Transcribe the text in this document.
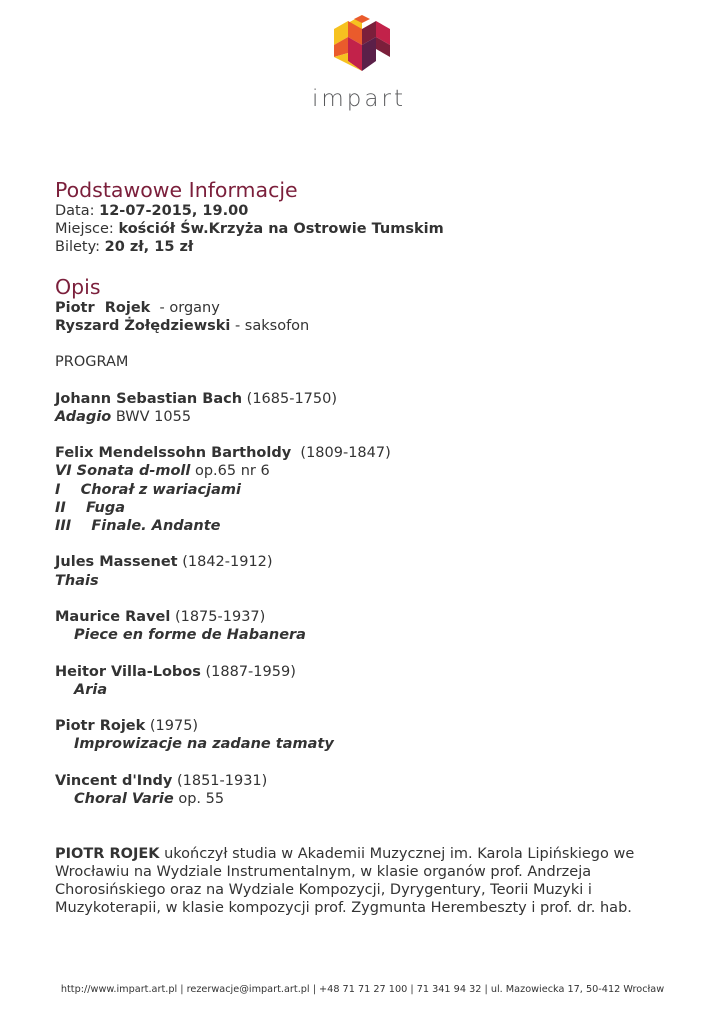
impart
Podstawowe Informacje
Data: 12-07-2015, 19.00
Miejsce: kościół Św.Krzyża na Ostrowie Tumskim
Bilety: 20 zł, 15 zł
Opis
Piotr  Rojek  - organy
Ryszard Żołędziewski - saksofon
PROGRAM
Johann Sebastian Bach (1685-1750)
Adagio BWV 1055
Felix Mendelssohn Bartholdy  (1809-1847)
VI Sonata d-moll op.65 nr 6
I    Chorał z wariacjami
II    Fuga
III    Finale. Andante
Jules Massenet (1842-1912)
Thais
Maurice Ravel (1875-1937)
Piece en forme de Habanera
Heitor Villa-Lobos (1887-1959)
Aria
Piotr Rojek (1975)
Improwizacje na zadane tamaty
Vincent d'Indy (1851-1931)
Choral Varie op. 55
PIOTR ROJEK ukończył studia w Akademii Muzycznej im. Karola Lipińskiego we
Wrocławiu na Wydziale Instrumentalnym, w klasie organów prof. Andrzeja
Chorosińskiego oraz na Wydziale Kompozycji, Dyrygentury, Teorii Muzyki i
Muzykoterapii, w klasie kompozycji prof. Zygmunta Herembeszty i prof. dr. hab.
http://www.impart.art.pl | rezerwacje@impart.art.pl | +48 71 71 27 100 | 71 341 94 32 | ul. Mazowiecka 17, 50-412 Wrocław
